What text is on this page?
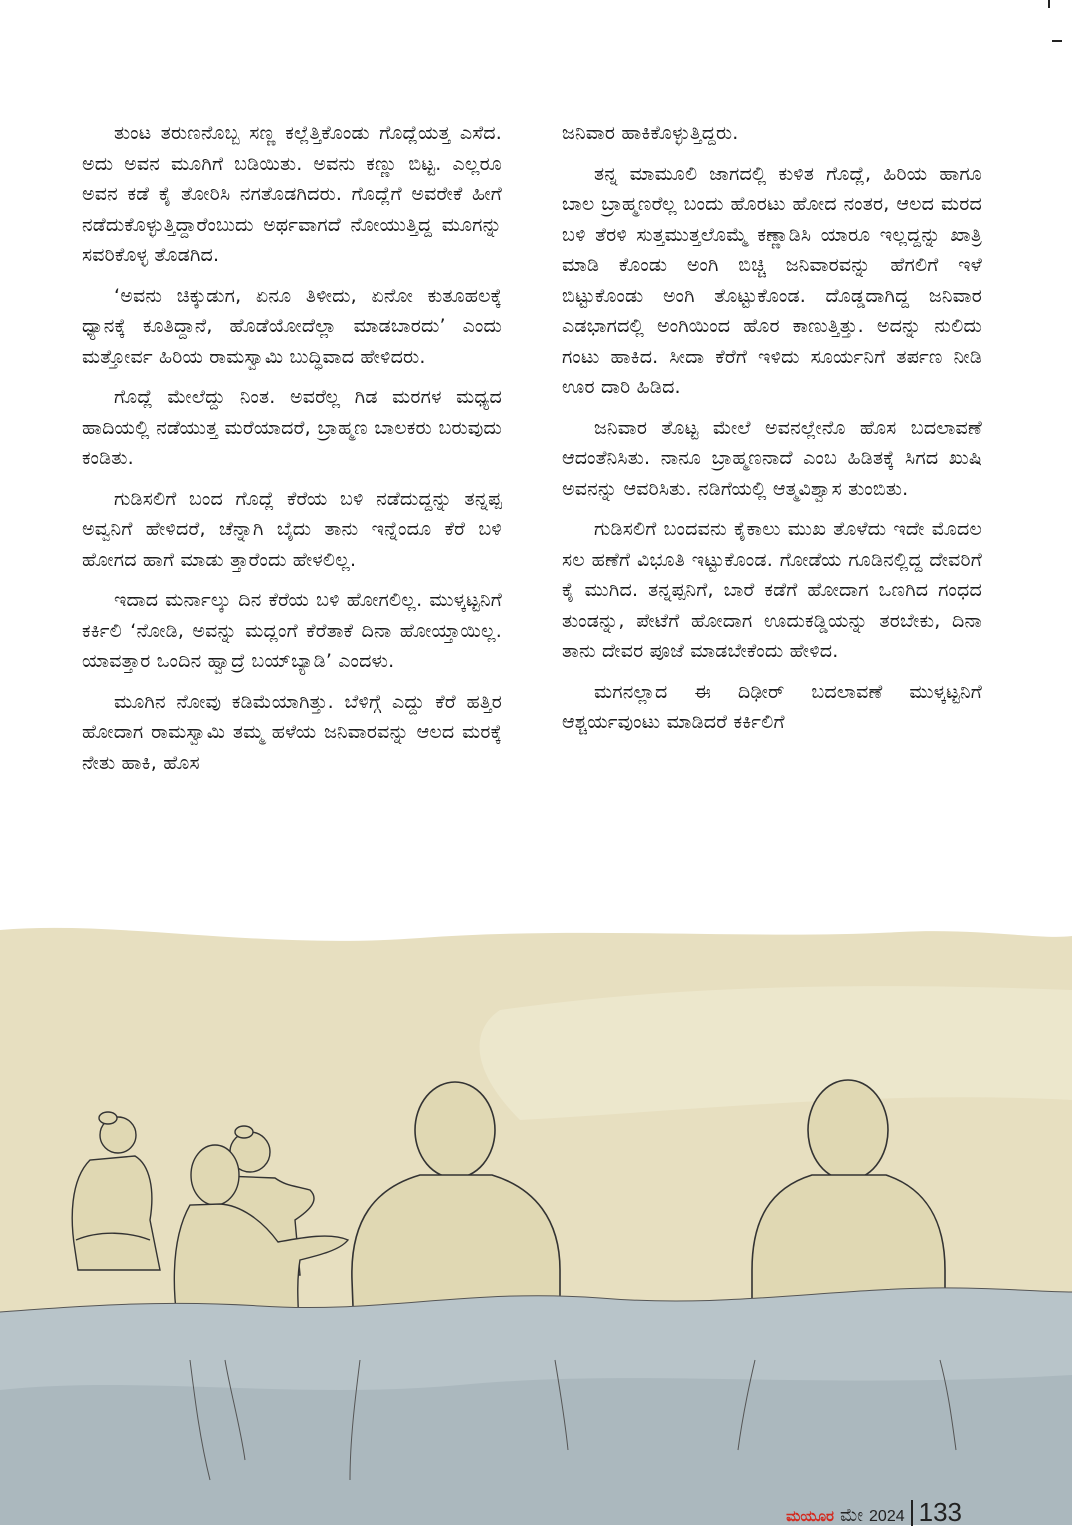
ತುಂಟ ತರುಣನೊಬ್ಬ ಸಣ್ಣ ಕಲ್ಲೆತ್ತಿಕೊಂಡು ಗೊದ್ಲೆಯತ್ತ ಎಸೆದ. ಅದು ಅವನ ಮೂಗಿಗೆ ಬಡಿಯಿತು. ಅವನು ಕಣ್ಣು ಬಿಟ್ಟ. ಎಲ್ಲರೂ ಅವನ ಕಡೆ ಕೈ ತೋರಿಸಿ ನಗತೊಡಗಿದರು. ಗೊದ್ಲೆಗೆ ಅವರೇಕೆ ಹೀಗೆ ನಡೆದುಕೊಳ್ಳುತ್ತಿದ್ದಾರೆಂಬುದು ಅರ್ಥವಾಗದೆ ನೋಯುತ್ತಿದ್ದ ಮೂಗನ್ನು ಸವರಿಕೊಳ್ಳ ತೊಡಗಿದ.

‘ಅವನು ಚಿಕ್ಕುಡುಗ, ಏನೂ ತಿಳೀದು, ಏನೋ ಕುತೂಹಲಕ್ಕೆ ಧ್ಯಾನಕ್ಕೆ ಕೂತಿದ್ದಾನೆ, ಹೊಡೆಯೋದೆಲ್ಲಾ ಮಾಡಬಾರದು’ ಎಂದು ಮತ್ತೋರ್ವ ಹಿರಿಯ ರಾಮಸ್ವಾಮಿ ಬುದ್ಧಿವಾದ ಹೇಳಿದರು.

ಗೊದ್ಲೆ ಮೇಲೆದ್ದು ನಿಂತ. ಅವರೆಲ್ಲ ಗಿಡ ಮರಗಳ ಮಧ್ಯದ ಹಾದಿಯಲ್ಲಿ ನಡೆಯುತ್ತ ಮರೆಯಾದರೆ, ಬ್ರಾಹ್ಮಣ ಬಾಲಕರು ಬರುವುದು ಕಂಡಿತು.

ಗುಡಿಸಲಿಗೆ ಬಂದ ಗೊದ್ಲೆ ಕೆರೆಯ ಬಳಿ ನಡೆದುದ್ದನ್ನು ತನ್ನಪ್ಪ ಅವ್ವನಿಗೆ ಹೇಳಿದರೆ, ಚೆನ್ನಾಗಿ ಬೈದು ತಾನು ಇನ್ನೆಂದೂ ಕೆರೆ ಬಳಿ ಹೋಗದ ಹಾಗೆ ಮಾಡು ತ್ತಾರೆಂದು ಹೇಳಲಿಲ್ಲ.

ಇದಾದ ಮರ್ನಾಲ್ಕು ದಿನ ಕೆರೆಯ ಬಳಿ ಹೋಗಲಿಲ್ಲ. ಮುಳ್ಕಟ್ಟನಿಗೆ ಕರ್ಕಿಲಿ ‘ನೋಡಿ, ಅವನ್ನು ಮದ್ಲಂಗೆ ಕೆರೆತಾಕೆ ದಿನಾ ಹೋಯ್ತಾಯಿಲ್ಲ. ಯಾವತ್ತಾರ ಒಂದಿನ ಹ್ವಾದ್ರೆ ಬಯ್‌ಬ್ಯಾಡಿ’ ಎಂದಳು.

ಮೂಗಿನ ನೋವು ಕಡಿಮೆಯಾಗಿತ್ತು. ಬೆಳಿಗ್ಗೆ ಎದ್ದು ಕೆರೆ ಹತ್ತಿರ ಹೋದಾಗ ರಾಮಸ್ವಾಮಿ ತಮ್ಮ ಹಳೆಯ ಜನಿವಾರವನ್ನು ಆಲದ ಮರಕ್ಕೆ ನೇತು ಹಾಕಿ, ಹೊಸ

ಜನಿವಾರ ಹಾಕಿಕೊಳ್ಳುತ್ತಿದ್ದರು.

ತನ್ನ ಮಾಮೂಲಿ ಜಾಗದಲ್ಲಿ ಕುಳಿತ ಗೊದ್ಲೆ, ಹಿರಿಯ ಹಾಗೂ ಬಾಲ ಬ್ರಾಹ್ಮಣರೆಲ್ಲ ಬಂದು ಹೊರಟು ಹೋದ ನಂತರ, ಆಲದ ಮರದ ಬಳಿ ತೆರಳಿ ಸುತ್ತಮುತ್ತಲೊಮ್ಮೆ ಕಣ್ಣಾಡಿಸಿ ಯಾರೂ ಇಲ್ಲದ್ದನ್ನು ಖಾತ್ರಿ ಮಾಡಿ ಕೊಂಡು ಅಂಗಿ ಬಿಚ್ಚಿ ಜನಿವಾರವನ್ನು ಹೆಗಲಿಗೆ ಇಳೆ ಬಿಟ್ಟುಕೊಂಡು ಅಂಗಿ ತೊಟ್ಟುಕೊಂಡ. ದೊಡ್ಡದಾಗಿದ್ದ ಜನಿವಾರ ಎಡಭಾಗದಲ್ಲಿ ಅಂಗಿಯಿಂದ ಹೊರ ಕಾಣುತ್ತಿತ್ತು. ಅದನ್ನು ನುಲಿದು ಗಂಟು ಹಾಕಿದ. ಸೀದಾ ಕೆರೆಗೆ ಇಳಿದು ಸೂರ್ಯನಿಗೆ ತರ್ಪಣ ನೀಡಿ ಊರ ದಾರಿ ಹಿಡಿದ.

ಜನಿವಾರ ತೊಟ್ಟ ಮೇಲೆ ಅವನಲ್ಲೇನೊ ಹೊಸ ಬದಲಾವಣೆ ಆದಂತೆನಿಸಿತು. ನಾನೂ ಬ್ರಾಹ್ಮಣನಾದೆ ಎಂಬ ಹಿಡಿತಕ್ಕೆ ಸಿಗದ ಖುಷಿ ಅವನನ್ನು ಆವರಿಸಿತು. ನಡಿಗೆಯಲ್ಲಿ ಆತ್ಮವಿಶ್ವಾಸ ತುಂಬಿತು.

ಗುಡಿಸಲಿಗೆ ಬಂದವನು ಕೈಕಾಲು ಮುಖ ತೊಳೆದು ಇದೇ ಮೊದಲ ಸಲ ಹಣೆಗೆ ವಿಭೂತಿ ಇಟ್ಟುಕೊಂಡ. ಗೋಡೆಯ ಗೂಡಿನಲ್ಲಿದ್ದ ದೇವರಿಗೆ ಕೈ ಮುಗಿದ. ತನ್ನಪ್ಪನಿಗೆ, ಬಾರೆ ಕಡೆಗೆ ಹೋದಾಗ ಒಣಗಿದ ಗಂಧದ ತುಂಡನ್ನು, ಪೇಟೆಗೆ ಹೋದಾಗ ಊದುಕಡ್ಡಿಯನ್ನು ತರಬೇಕು, ದಿನಾ ತಾನು ದೇವರ ಪೂಜೆ ಮಾಡಬೇಕೆಂದು ಹೇಳಿದ.

ಮಗನಲ್ಲಾದ ಈ ದಿಢೀರ್ ಬದಲಾವಣೆ ಮುಳ್ಕಟ್ಟನಿಗೆ ಆಶ್ಚರ್ಯವುಂಟು ಮಾಡಿದರೆ ಕರ್ಕಿಲಿಗೆ

ಮಯೂರ ಮೇ 2024 133
